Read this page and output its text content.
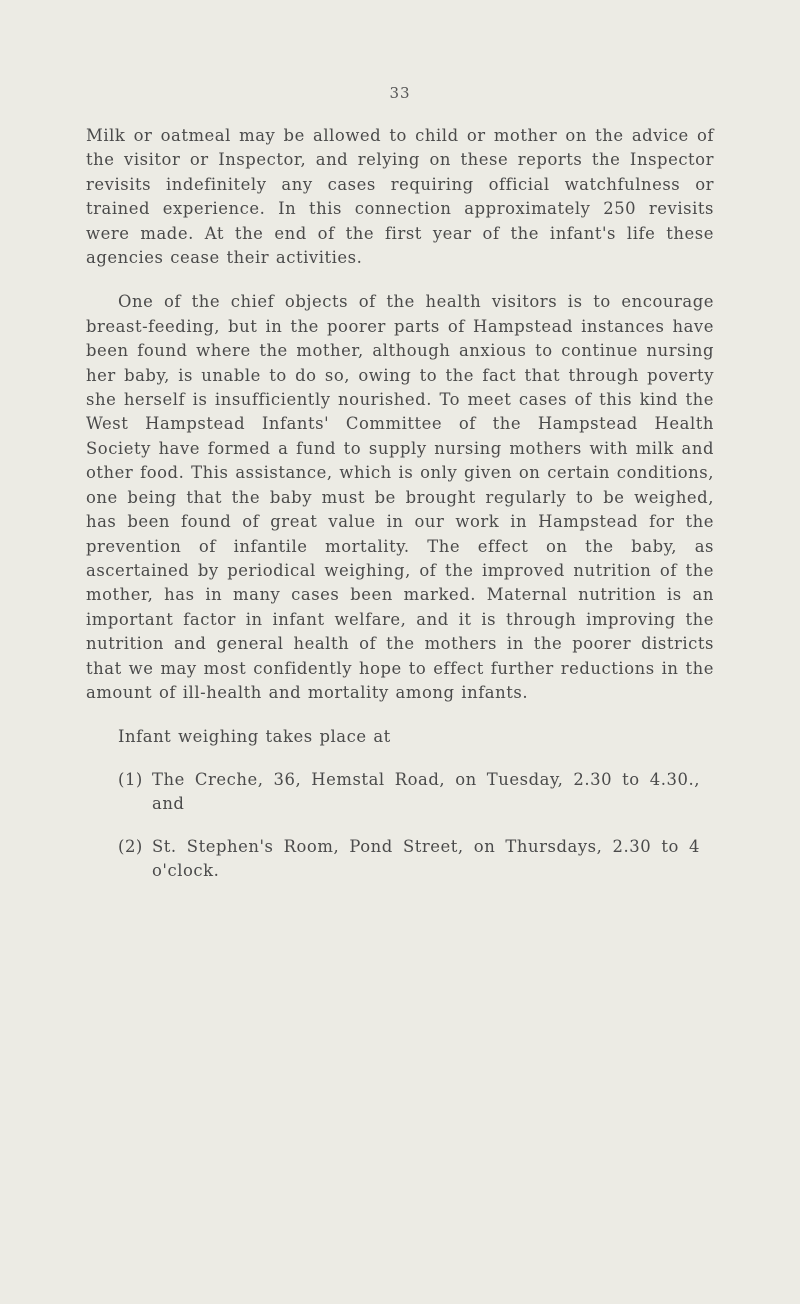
33

Milk or oatmeal may be allowed to child or mother on the advice of the visitor or Inspector, and relying on these reports the Inspector revisits indefinitely any cases requiring official watchfulness or trained experience. In this connection approximately 250 revisits were made. At the end of the first year of the infant's life these agencies cease their activities.

One of the chief objects of the health visitors is to encourage breast-feeding, but in the poorer parts of Hampstead instances have been found where the mother, although anxious to continue nursing her baby, is unable to do so, owing to the fact that through poverty she herself is insufficiently nourished. To meet cases of this kind the West Hampstead Infants' Committee of the Hampstead Health Society have formed a fund to supply nursing mothers with milk and other food. This assistance, which is only given on certain conditions, one being that the baby must be brought regularly to be weighed, has been found of great value in our work in Hampstead for the prevention of infantile mortality. The effect on the baby, as ascertained by periodical weighing, of the improved nutrition of the mother, has in many cases been marked. Maternal nutrition is an important factor in infant welfare, and it is through improving the nutrition and general health of the mothers in the poorer districts that we may most confidently hope to effect further reductions in the amount of ill-health and mortality among infants.

Infant weighing takes place at

(1) The Creche, 36, Hemstal Road, on Tuesday, 2.30 to 4.30., and
(2) St. Stephen's Room, Pond Street, on Thursdays, 2.30 to 4 o'clock.
